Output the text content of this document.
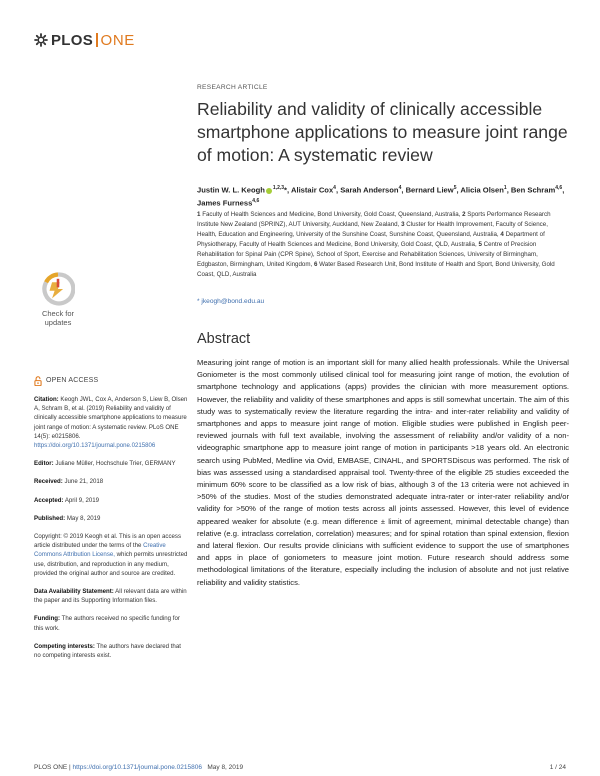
PLOS ONE
Check for
updates
OPEN ACCESS
Citation: Keogh JWL, Cox A, Anderson S, Liew B, Olsen A, Schram B, et al. (2019) Reliability and validity of clinically accessible smartphone applications to measure joint range of motion: A systematic review. PLoS ONE 14(5): e0215806. https://doi.org/10.1371/journal.pone.0215806
Editor: Juliane Müller, Hochschule Trier, GERMANY
Received: June 21, 2018
Accepted: April 9, 2019
Published: May 8, 2019
Copyright: © 2019 Keogh et al. This is an open access article distributed under the terms of the Creative Commons Attribution License, which permits unrestricted use, distribution, and reproduction in any medium, provided the original author and source are credited.
Data Availability Statement: All relevant data are within the paper and its Supporting Information files.
Funding: The authors received no specific funding for this work.
Competing interests: The authors have declared that no competing interests exist.
RESEARCH ARTICLE
Reliability and validity of clinically accessible smartphone applications to measure joint range of motion: A systematic review
Justin W. L. Keogh $^{1,2,3}$*, Alistair Cox$^4$, Sarah Anderson$^4$, Bernard Liew$^5$, Alicia Olsen$^1$, Ben Schram$^{4,6}$, James Furness$^{4,6}$
1 Faculty of Health Sciences and Medicine, Bond University, Gold Coast, Queensland, Australia, 2 Sports Performance Research Institute New Zealand (SPRINZ), AUT University, Auckland, New Zealand, 3 Cluster for Health Improvement, Faculty of Science, Health, Education and Engineering, University of the Sunshine Coast, Sunshine Coast, Queensland, Australia, 4 Department of Physiotherapy, Faculty of Health Sciences and Medicine, Bond University, Gold Coast, QLD, Australia, 5 Centre of Precision Rehabilitation for Spinal Pain (CPR Spine), School of Sport, Exercise and Rehabilitation Sciences, University of Birmingham, Edgbaston, Birmingham, United Kingdom, 6 Water Based Research Unit, Bond Institute of Health and Sport, Bond University, Gold Coast, QLD, Australia
* jkeogh@bond.edu.au
Abstract
Measuring joint range of motion is an important skill for many allied health professionals. While the Universal Goniometer is the most commonly utilised clinical tool for measuring joint range of motion, the evolution of smartphone technology and applications (apps) provides the clinician with more measurement options. However, the reliability and validity of these smartphones and apps is still somewhat uncertain. The aim of this study was to systematically review the literature regarding the intra- and inter-rater reliability and validity of smartphones and apps to measure joint range of motion. Eligible studies were published in English peer-reviewed journals with full text available, involving the assessment of reliability and/or validity of a non-videographic smartphone app to measure joint range of motion in participants >18 years old. An electronic search using PubMed, Medline via Ovid, EMBASE, CINAHL, and SPORTSDiscus was performed. The risk of bias was assessed using a standardised appraisal tool. Twenty-three of the eligible 25 studies exceeded the minimum 60% score to be classified as a low risk of bias, although 3 of the 13 criteria were not achieved in >50% of the studies. Most of the studies demonstrated adequate intra-rater or inter-rater reliability and/or validity for >50% of the range of motion tests across all joints assessed. However, this level of evidence appeared weaker for absolute (e.g. mean difference ± limit of agreement, minimal detectable change) than relative (e.g. intraclass correlation, correlation) measures; and for spinal rotation than spinal extension, flexion and lateral flexion. Our results provide clinicians with sufficient evidence to support the use of smartphones and apps in place of goniometers to measure joint motion. Future research should address some methodological limitations of the literature, especially including the inclusion of absolute and not just relative reliability and validity statistics.
PLOS ONE | https://doi.org/10.1371/journal.pone.0215806 May 8, 2019	1 / 24
